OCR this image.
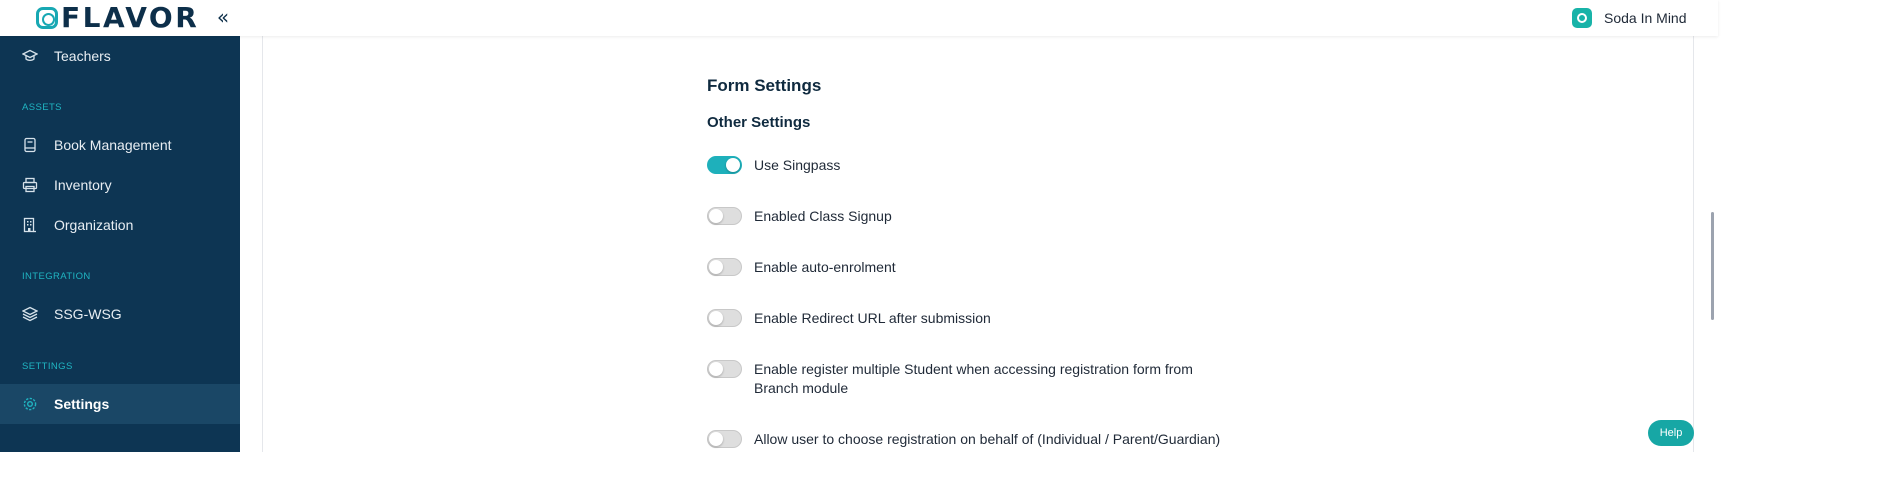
FLAVOR «	Soda In Mind
Teachers
ASSETS
Book Management
Inventory
Organization
INTEGRATION
SSG-WSG
SETTINGS
Settings
Form Settings
Other Settings
Use Singpass
Enabled Class Signup
Enable auto-enrolment
Enable Redirect URL after submission
Enable register multiple Student when accessing registration form from Branch module
Allow user to choose registration on behalf of (Individual / Parent/Guardian)	Help
